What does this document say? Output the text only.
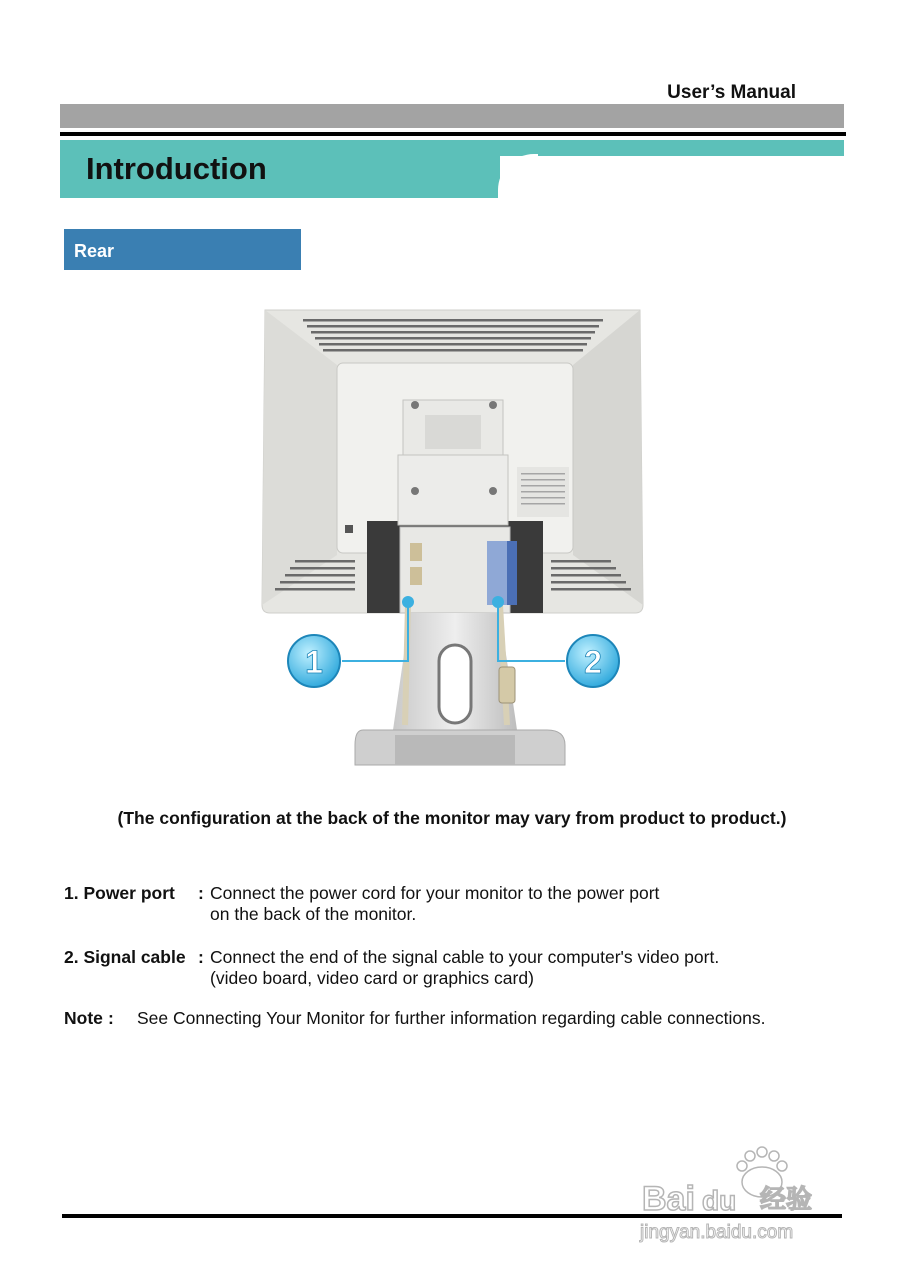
User’s Manual
Introduction
Rear
1	2
(The configuration at the back of the monitor may vary from product to product.)
1. Power port : Connect the power cord for your monitor to the power port
on the back of the monitor.
2. Signal cable : Connect the end of the signal cable to your computer's video port.
(video board, video card or graphics card)
Note : See Connecting Your Monitor for further information regarding cable connections.
Bai du 经验
jingyan.baidu.com
